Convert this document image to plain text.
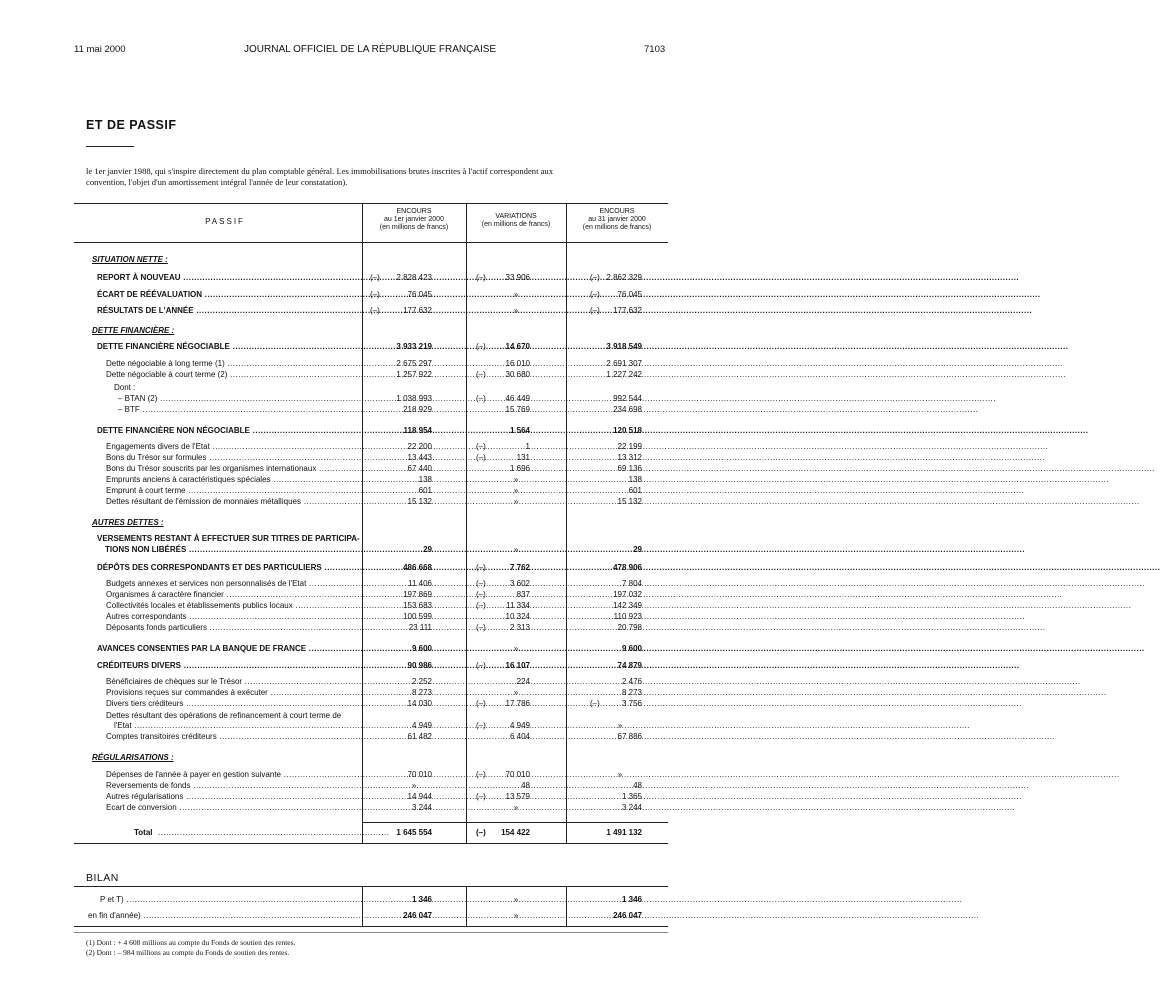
11 mai 2000	JOURNAL OFFICIEL DE LA RÉPUBLIQUE FRANÇAISE	7103
ET DE PASSIF
le 1er janvier 1988, qui s'inspire directement du plan comptable général. Les immobilisations brutes inscrites à l'actif correspondent aux
convention, l'objet d'un amortissement intégral l'année de leur constatation).
PASSIF
ENCOURS
au 1er janvier 2000
(en millions de francs)
VARIATIONS
(en millions de francs)
ENCOURS
au 31 janvier 2000
(en millions de francs)
SITUATION NETTE :
REPORT À NOUVEAU .....	(–)	2 828 423	(–)	33 906	(–) 2 862 329
ÉCART DE RÉÉVALUATION .....	(–)	76 045	»	(–)	76 045
RÉSULTATS DE L'ANNÉE .....	(–)	177 632	»	(–)	177 632
DETTE FINANCIÈRE :
DETTE FINANCIÈRE NÉGOCIABLE .....	3 933 219	(–)	14 670	3 918 549
Dette négociable à long terme (1) .....	2 675 297	16 010	2 691 307
Dette négociable à court terme (2) .....	1 257 922	(–)	30 680	1 227 242
Dont :
– BTAN (2) .....	1 038 993	(–)	46 449	992 544
– BTF .....	218 929	15 769	234 698
DETTE FINANCIÈRE NON NÉGOCIABLE .....	118 954	1 564	120 518
Engagements divers de l'Etat .....	22 200	(–)	1	22 199
Bons du Trésor sur formules .....	13 443	(–)	131	13 312
Bons du Trésor souscrits par les organismes internationaux .....	67 440	1 696	69 136
Emprunts anciens à caractéristiques spéciales .....	138	»	138
Emprunt à court terme .....	601	»	601
Dettes résultant de l'émission de monnaies métalliques .....	15 132	»	15 132
AUTRES DETTES :
VERSEMENTS RESTANT À EFFECTUER SUR TITRES DE PARTICIPA-
TIONS NON LIBÉRÉS .....	29	»	29
DÉPÔTS DES CORRESPONDANTS ET DES PARTICULIERS .....	486 668	(–)	7 762	478 906
Budgets annexes et services non personnalisés de l'Etat .....	11 406	(–)	3 602	7 804
Organismes à caractère financier .....	197 869	(–)	837	197 032
Collectivités locales et établissements publics locaux .....	153 683	(–)	11 334	142 349
Autres correspondants .....	100 599	10 324	110 923
Déposants fonds particuliers .....	23 111	(–)	2 313	20 798
AVANCES CONSENTIES PAR LA BANQUE DE FRANCE .....	9 600	»	9 600
CRÉDITEURS DIVERS .....	90 986	(–)	16 107	74 879
Bénéficiaires de chèques sur le Trésor .....	2 252	224	2 476
Provisions reçues sur commandes à exécuter .....	8 273	»	8 273
Divers tiers créditeurs .....	14 030	(–)	17 786	(–)	3 756
Dettes résultant des opérations de refinancement à court terme de
l'Etat .....	4 949	(–)	4 949	»
Comptes transitoires créditeurs .....	61 482	6 404	67 886
RÉGULARISATIONS :
Dépenses de l'année à payer en gestion suivante .....	70 010	(–)	70 010	»
Reversements de fonds .....	»	48	48
Autres régularisations .....	14 944	(–)	13 579	1 365
Ecart de conversion .....	3 244	»	3 244
Total ..................................................................................... 1 645 554	(–)	154 422	1 491 132
BILAN
P et T) .....	1 346	»	1 346
en fin d'année) .....	246 047	»	246 047
(1) Dont : + 4 608 millions au compte du Fonds de soutien des rentes.
(2) Dont : – 984 millions au compte du Fonds de soutien des rentes.
